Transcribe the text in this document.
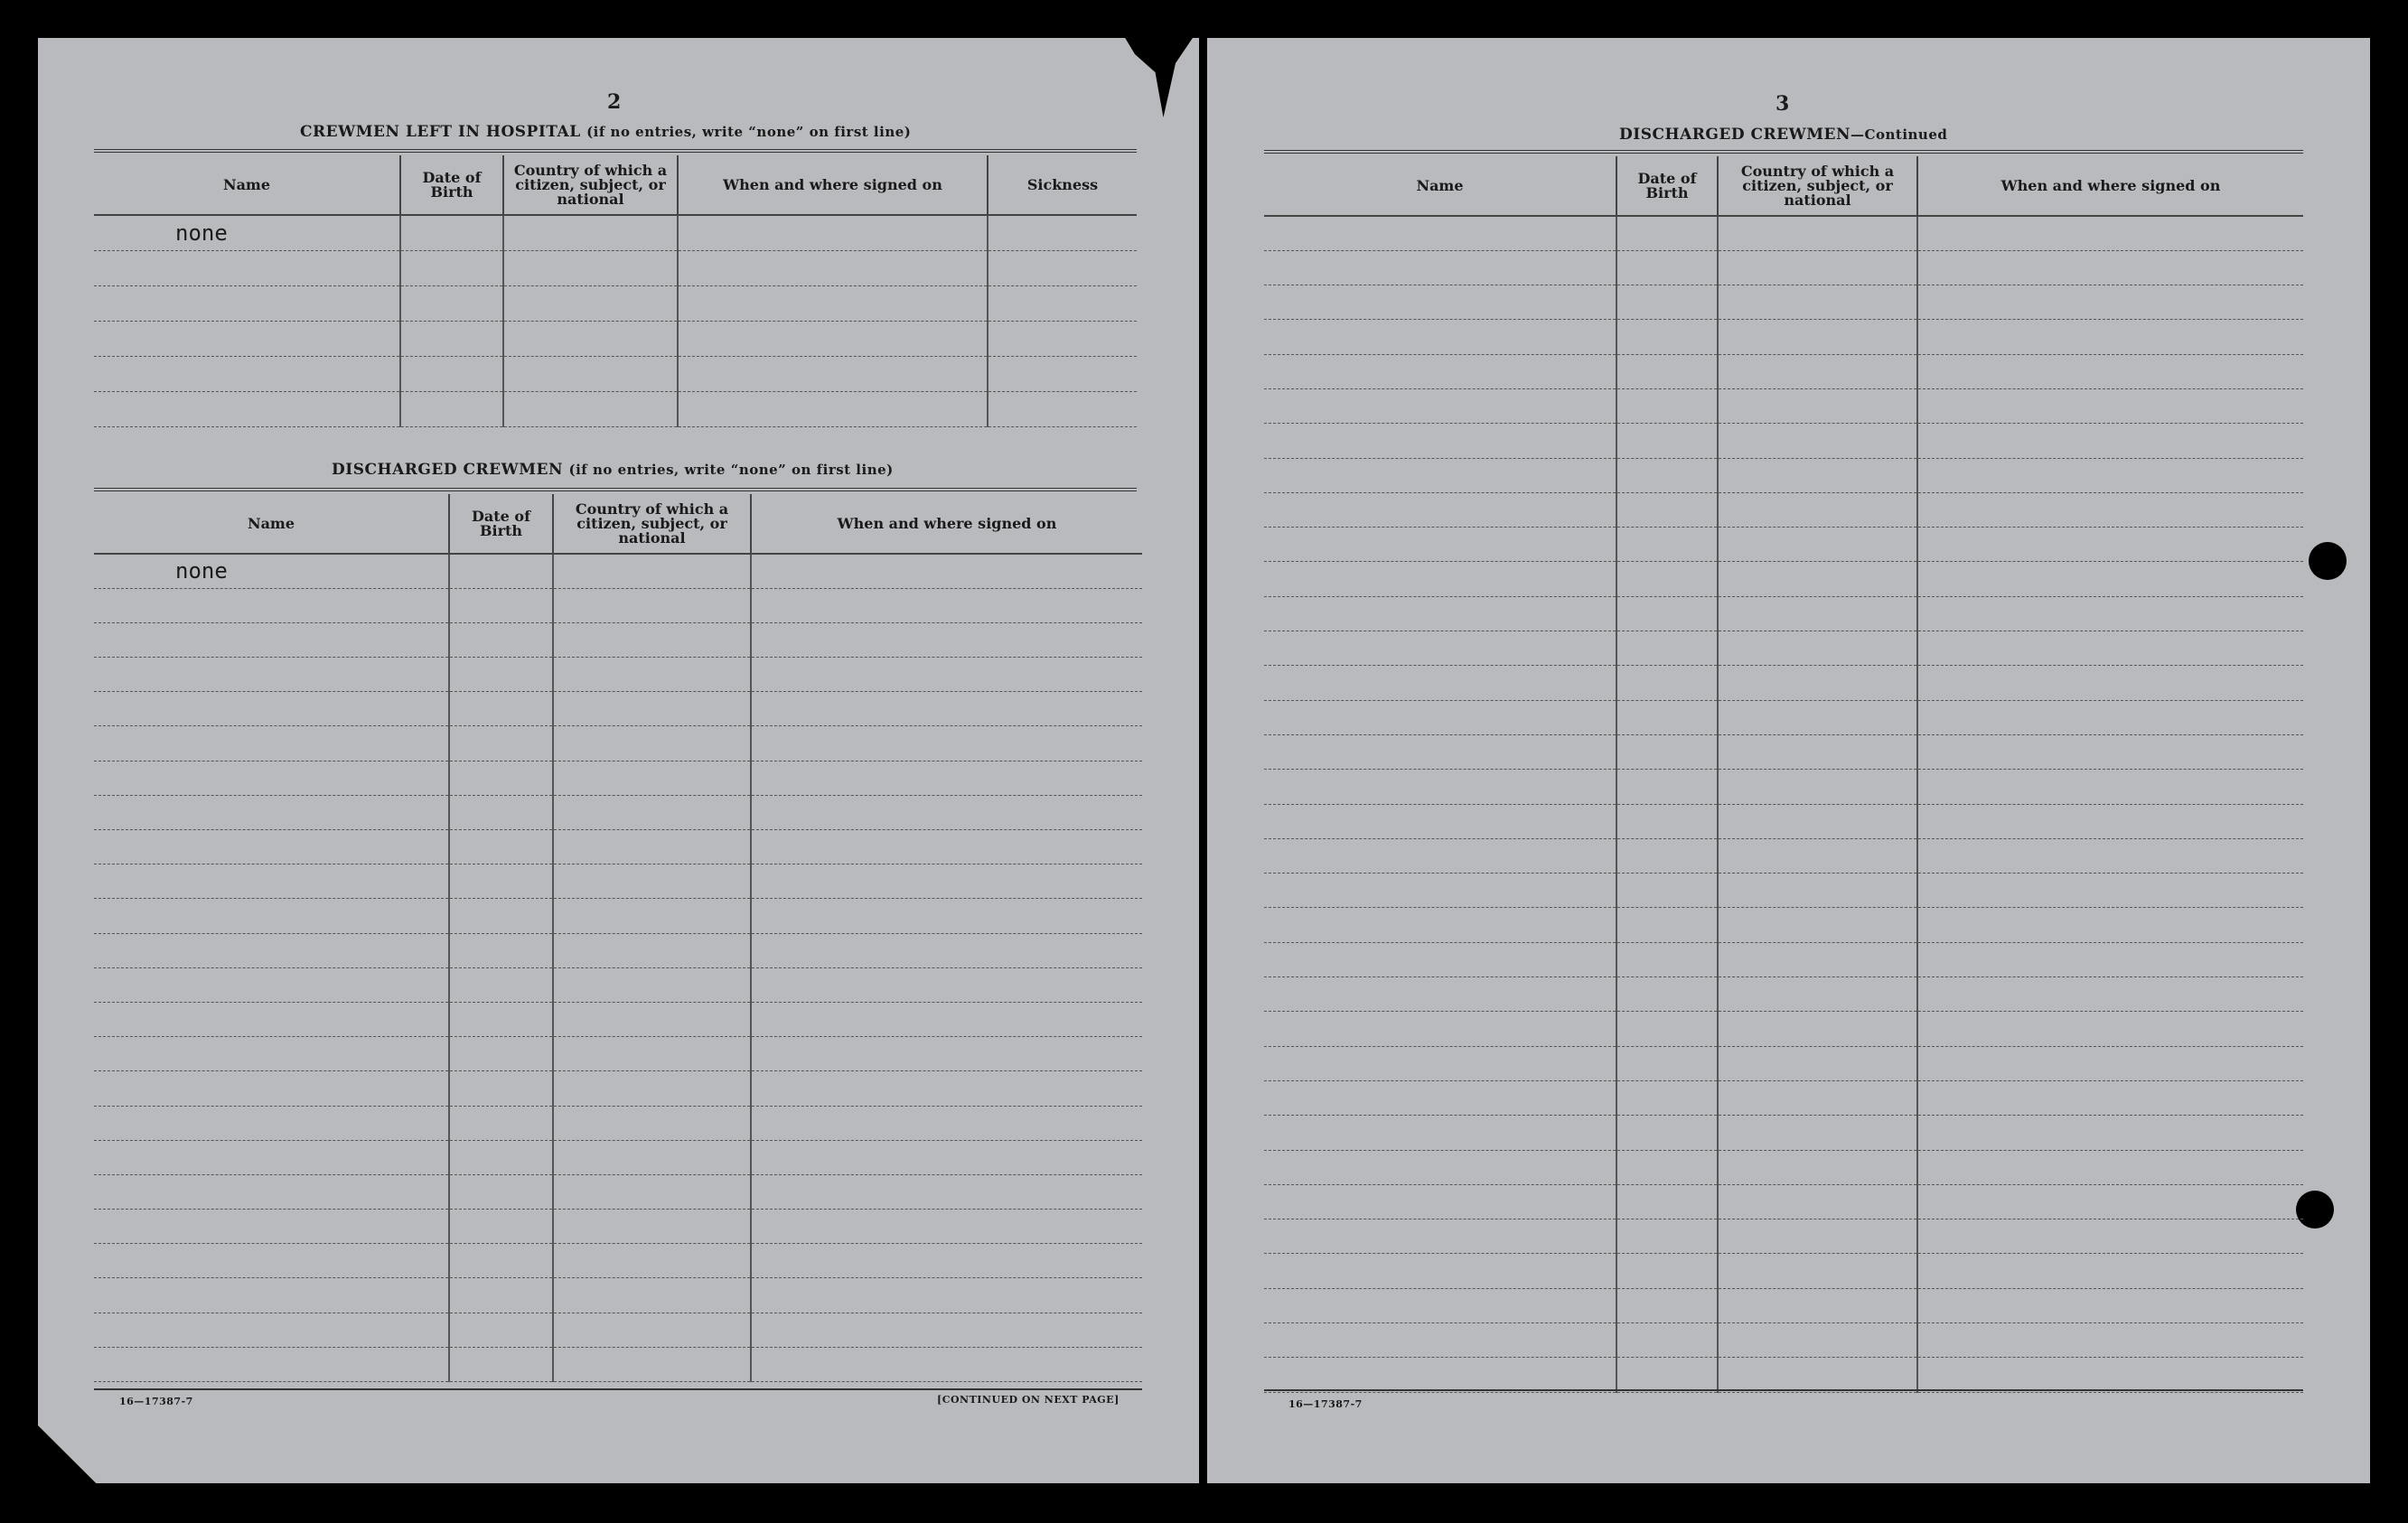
2
CREWMEN LEFT IN HOSPITAL (if no entries, write “none” on first line)
Name	Date of Birth	Country of which a citizen, subject, or national	When and where signed on	Sickness
none				

DISCHARGED CREWMEN (if no entries, write “none” on first line)
Name	Date of Birth	Country of which a citizen, subject, or national	When and where signed on
none			

16—17387-7	[CONTINUED ON NEXT PAGE]
3
DISCHARGED CREWMEN—Continued
Name	Date of Birth	Country of which a citizen, subject, or national	When and where signed on

16—17387-7
